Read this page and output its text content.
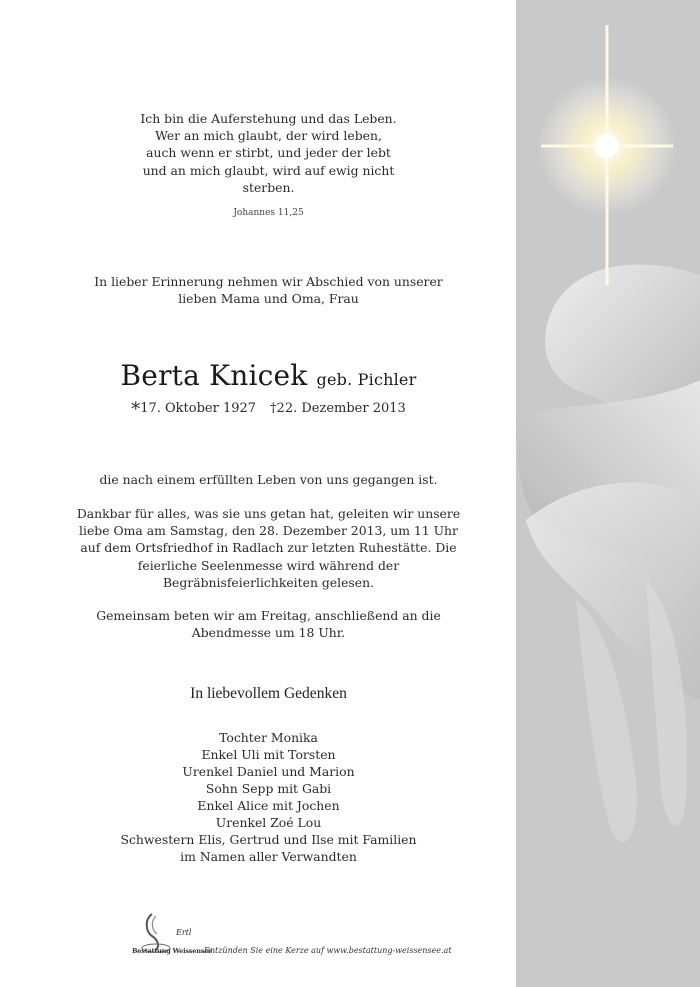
Ich bin die Auferstehung und das Leben.
Wer an mich glaubt, der wird leben,
auch wenn er stirbt, und jeder der lebt
und an mich glaubt, wird auf ewig nicht
sterben.
Johannes 11,25
In lieber Erinnerung nehmen wir Abschied von unserer
lieben Mama und Oma, Frau
Berta Knicek geb. Pichler
*17. Oktober 1927 †22. Dezember 2013
die nach einem erfüllten Leben von uns gegangen ist.
Dankbar für alles, was sie uns getan hat, geleiten wir unsere
liebe Oma am Samstag, den 28. Dezember 2013, um 11 Uhr
auf dem Ortsfriedhof in Radlach zur letzten Ruhestätte. Die
feierliche Seelenmesse wird während der
Begräbnisfeierlichkeiten gelesen.
Gemeinsam beten wir am Freitag, anschließend an die
Abendmesse um 18 Uhr.
In liebevollem Gedenken
Tochter Monika
Enkel Uli mit Torsten
Urenkel Daniel und Marion
Sohn Sepp mit Gabi
Enkel Alice mit Jochen
Urenkel Zoé Lou
Schwestern Elis, Gertrud und Ilse mit Familien
im Namen aller Verwandten
Ertl
Bestattung Weissensee
Entzünden Sie eine Kerze auf www.bestattung-weissensee.at
